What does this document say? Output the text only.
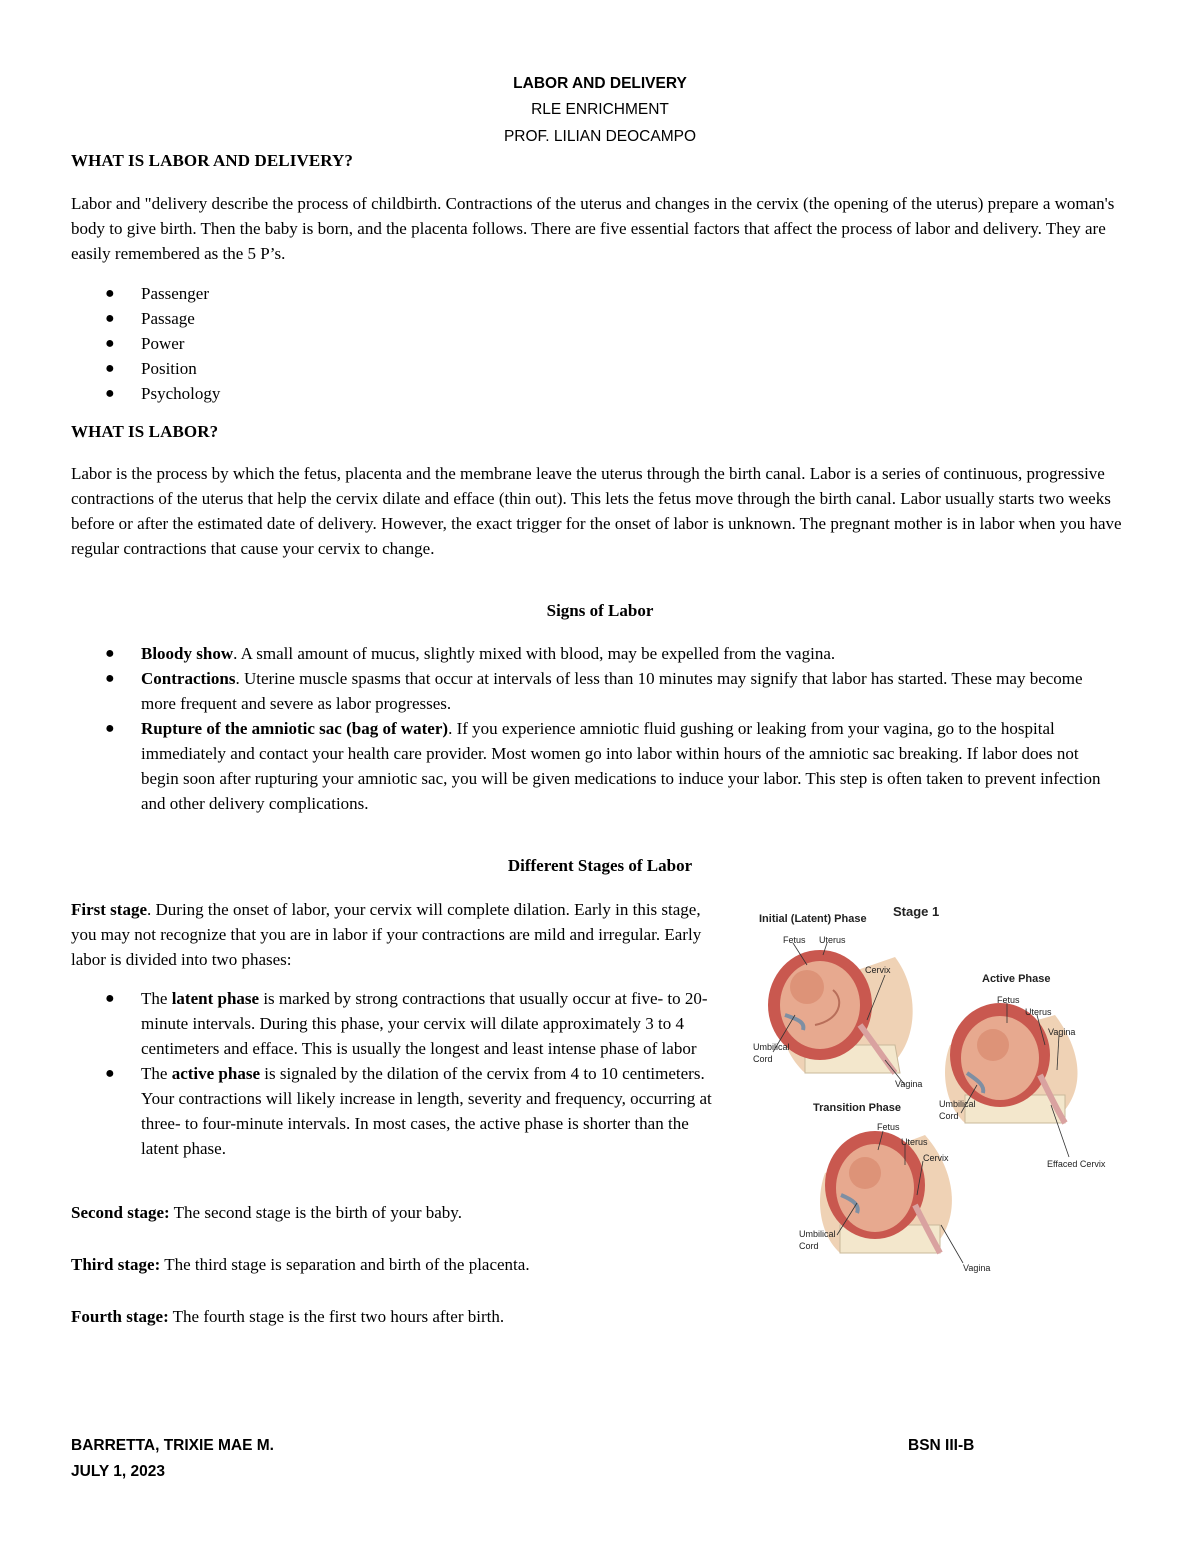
LABOR AND DELIVERY
RLE ENRICHMENT
PROF. LILIAN DEOCAMPO
WHAT IS LABOR AND DELIVERY?

Labor and "delivery describe the process of childbirth. Contractions of the uterus and changes in the cervix (the opening of the uterus) prepare a woman's body to give birth. Then the baby is born, and the placenta follows. There are five essential factors that affect the process of labor and delivery. They are easily remembered as the 5 P’s.

● Passenger
● Passage
● Power
● Position
● Psychology
WHAT IS LABOR?

Labor is the process by which the fetus, placenta and the membrane leave the uterus through the birth canal. Labor is a series of continuous, progressive contractions of the uterus that help the cervix dilate and efface (thin out). This lets the fetus move through the birth canal. Labor usually starts two weeks before or after the estimated date of delivery. However, the exact trigger for the onset of labor is unknown. The pregnant mother is in labor when you have regular contractions that cause your cervix to change.

Signs of Labor
● Bloody show. A small amount of mucus, slightly mixed with blood, may be expelled from the vagina.
● Contractions. Uterine muscle spasms that occur at intervals of less than 10 minutes may signify that labor has started. These may become more frequent and severe as labor progresses.
● Rupture of the amniotic sac (bag of water). If you experience amniotic fluid gushing or leaking from your vagina, go to the hospital immediately and contact your health care provider. Most women go into labor within hours of the amniotic sac breaking. If labor does not begin soon after rupturing your amniotic sac, you will be given medications to induce your labor. This step is often taken to prevent infection and other delivery complications.
Different Stages of Labor

First stage. During the onset of labor, your cervix will complete dilation. Early in this stage, you may not recognize that you are in labor if your contractions are mild and irregular. Early labor is divided into two phases:

● The latent phase is marked by strong contractions that usually occur at five- to 20-minute intervals. During this phase, your cervix will dilate approximately 3 to 4 centimeters and efface. This is usually the longest and least intense phase of labor
● The active phase is signaled by the dilation of the cervix from 4 to 10 centimeters. Your contractions will likely increase in length, severity and frequency, occurring at three- to four-minute intervals. In most cases, the active phase is shorter than the latent phase.

Second stage: The second stage is the birth of your baby.

Third stage: The third stage is separation and birth of the placenta.

Fourth stage: The fourth stage is the first two hours after birth.

Initial (Latent) Phase Stage 1
Fetus Uterus
Cervix
Umbilical
Cord
Vagina
Active Phase
Fetus
Uterus
Vagina
Umbilical
Cord
Effaced Cervix
Transition Phase
Fetus
Uterus
Cervix
Umbilical
Cord
Vagina
BARRETTA, TRIXIE MAE M.
JULY 1, 2023
BSN III-B
